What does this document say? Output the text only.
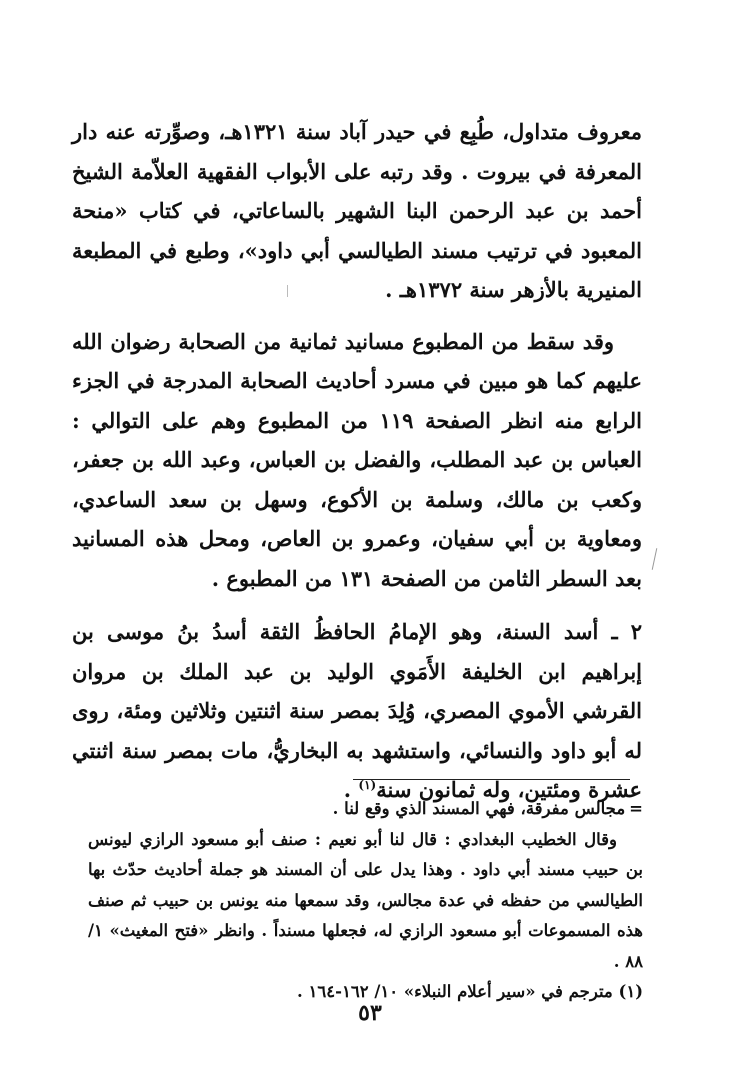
معروف متداول، طُبِع في حيدر آباد سنة ١٣٢١هـ، وصوِّرته عنه دار المعرفة في بيروت . وقد رتبه على الأبواب الفقهية العلاّمة الشيخ أحمد بن عبد الرحمن البنا الشهير بالساعاتي، في كتاب «منحة المعبود في ترتيب مسند الطيالسي أبي داود»، وطبع في المطبعة المنيرية بالأزهر سنة ١٣٧٢هـ .

وقد سقط من المطبوع مسانيد ثمانية من الصحابة رضوان الله عليهم كما هو مبين في مسرد أحاديث الصحابة المدرجة في الجزء الرابع منه انظر الصفحة ١١٩ من المطبوع وهم على التوالي : العباس بن عبد المطلب، والفضل بن العباس، وعبد الله بن جعفر، وكعب بن مالك، وسلمة بن الأكوع، وسهل بن سعد الساعدي، ومعاوية بن أبي سفيان، وعمرو بن العاص، ومحل هذه المسانيد بعد السطر الثامن من الصفحة ١٣١ من المطبوع .

٢ ـ أسد السنة، وهو الإمامُ الحافظُ الثقة أسدُ بنُ موسى بن إبراهيم ابن الخليفة الأَمَوي الوليد بن عبد الملك بن مروان القرشي الأموي المصري، وُلِدَ بمصر سنة اثنتين وثلاثين ومئة، روى له أبو داود والنسائي، واستشهد به البخاريُّ، مات بمصر سنة اثنتي عشرة ومئتين، وله ثمانون سنة$^{(١)}$ .

=مجالس مفرقة، فهي المسند الذي وقع لنا .

وقال الخطيب البغدادي : قال لنا أبو نعيم : صنف أبو مسعود الرازي ليونس بن حبيب مسند أبي داود . وهذا يدل على أن المسند هو جملة أحاديث حدّث بها الطيالسي من حفظه في عدة مجالس، وقد سمعها منه يونس بن حبيب ثم صنف هذه المسموعات أبو مسعود الرازي له، فجعلها مسنداً . وانظر «فتح المغيث» ١/ ٨٨ .

(١) مترجم في «سير أعلام النبلاء» ١٠/ ١٦٢-١٦٤ .

٥٣
